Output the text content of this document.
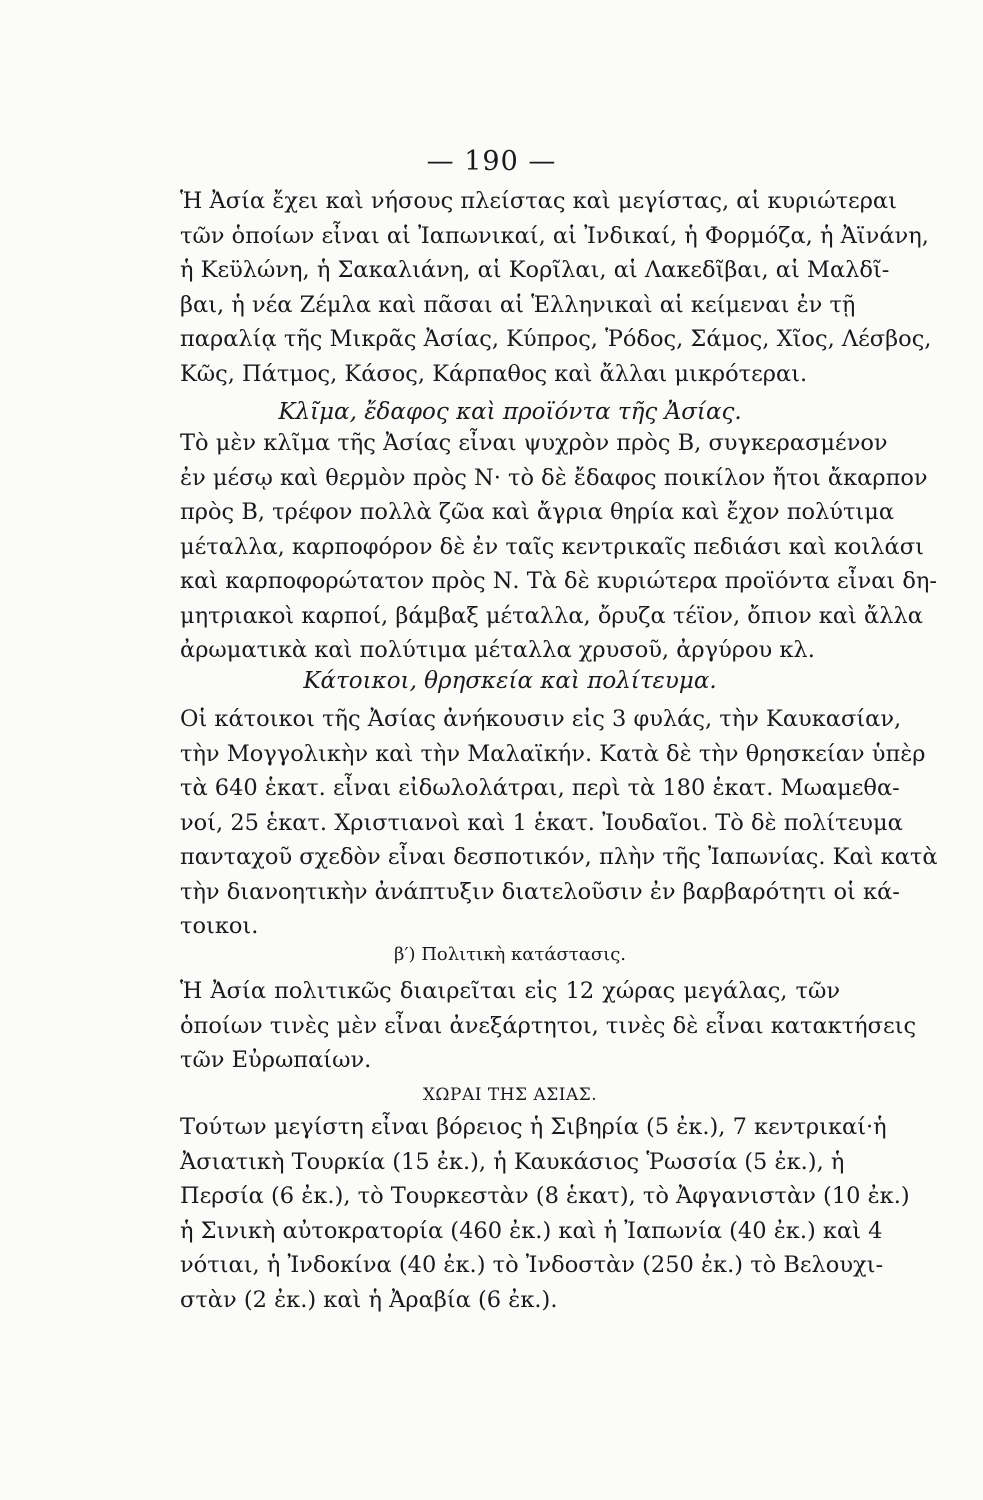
— 190 —
Ἡ Ἀσία ἔχει καὶ νήσους πλείστας καὶ μεγίστας, αἱ κυριώτεραι
τῶν ὁποίων εἶναι αἱ Ἰαπωνικαί, αἱ Ἰνδικαί, ἡ Φορμόζα, ἡ Ἀϊνάνη,
ἡ Κεϋλώνη, ἡ Σακαλιάνη, αἱ Κορῖλαι, αἱ Λακεδῖβαι, αἱ Μαλδῖ-
βαι, ἡ νέα Ζέμλα καὶ πᾶσαι αἱ Ἑλληνικαὶ αἱ κείμεναι ἐν τῇ
παραλίᾳ τῆς Μικρᾶς Ἀσίας, Κύπρος, Ῥόδος, Σάμος, Χῖος, Λέσβος,
Κῶς, Πάτμος, Κάσος, Κάρπαθος καὶ ἄλλαι μικρότεραι.
Κλῖμα, ἔδαφος καὶ προϊόντα τῆς Ἀσίας.
Τὸ μὲν κλῖμα τῆς Ἀσίας εἶναι ψυχρὸν πρὸς Β, συγκερασμένον
ἐν μέσῳ καὶ θερμὸν πρὸς Ν· τὸ δὲ ἔδαφος ποικίλον ἤτοι ἄκαρπον
πρὸς Β, τρέφον πολλὰ ζῶα καὶ ἄγρια θηρία καὶ ἔχον πολύτιμα
μέταλλα, καρποφόρον δὲ ἐν ταῖς κεντρικαῖς πεδιάσι καὶ κοιλάσι
καὶ καρποφορώτατον πρὸς Ν. Τὰ δὲ κυριώτερα προϊόντα εἶναι δη-
μητριακοὶ καρποί, βάμβαξ μέταλλα, ὄρυζα τέϊον, ὄπιον καὶ ἄλλα
ἀρωματικὰ καὶ πολύτιμα μέταλλα χρυσοῦ, ἀργύρου κλ.
Κάτοικοι, θρησκεία καὶ πολίτευμα.
Οἱ κάτοικοι τῆς Ἀσίας ἀνήκουσιν εἰς 3 φυλάς, τὴν Καυκασίαν,
τὴν Μογγολικὴν καὶ τὴν Μαλαϊκήν. Κατὰ δὲ τὴν θρησκείαν ὑπὲρ
τὰ 640 ἑκατ. εἶναι εἰδωλολάτραι, περὶ τὰ 180 ἑκατ. Μωαμεθα-
νοί, 25 ἑκατ. Χριστιανοὶ καὶ 1 ἑκατ. Ἰουδαῖοι. Τὸ δὲ πολίτευμα
πανταχοῦ σχεδὸν εἶναι δεσποτικόν, πλὴν τῆς Ἰαπωνίας. Καὶ κατὰ
τὴν διανοητικὴν ἀνάπτυξιν διατελοῦσιν ἐν βαρβαρότητι οἱ κά-
τοικοι.
β′) Πολιτικὴ κατάστασις.
Ἡ Ἀσία πολιτικῶς διαιρεῖται εἰς 12 χώρας μεγάλας, τῶν
ὁποίων τινὲς μὲν εἶναι ἀνεξάρτητοι, τινὲς δὲ εἶναι κατακτήσεις
τῶν Εὐρωπαίων.
ΧΩΡΑΙ ΤΗΣ ΑΣΙΑΣ.
Τούτων μεγίστη εἶναι βόρειος ἡ Σιβηρία (5 ἐκ.), 7 κεντρικαί·ἡ
Ἀσιατικὴ Τουρκία (15 ἐκ.), ἡ Καυκάσιος Ῥωσσία (5 ἐκ.), ἡ
Περσία (6 ἐκ.), τὸ Τουρκεστὰν (8 ἑκατ), τὸ Ἀφγανιστὰν (10 ἐκ.)
ἡ Σινικὴ αὐτοκρατορία (460 ἐκ.) καὶ ἡ Ἰαπωνία (40 ἐκ.) καὶ 4
νότιαι, ἡ Ἰνδοκίνα (40 ἐκ.) τὸ Ἰνδοστὰν (250 ἐκ.) τὸ Βελουχι-
στὰν (2 ἐκ.) καὶ ἡ Ἀραβία (6 ἐκ.).
